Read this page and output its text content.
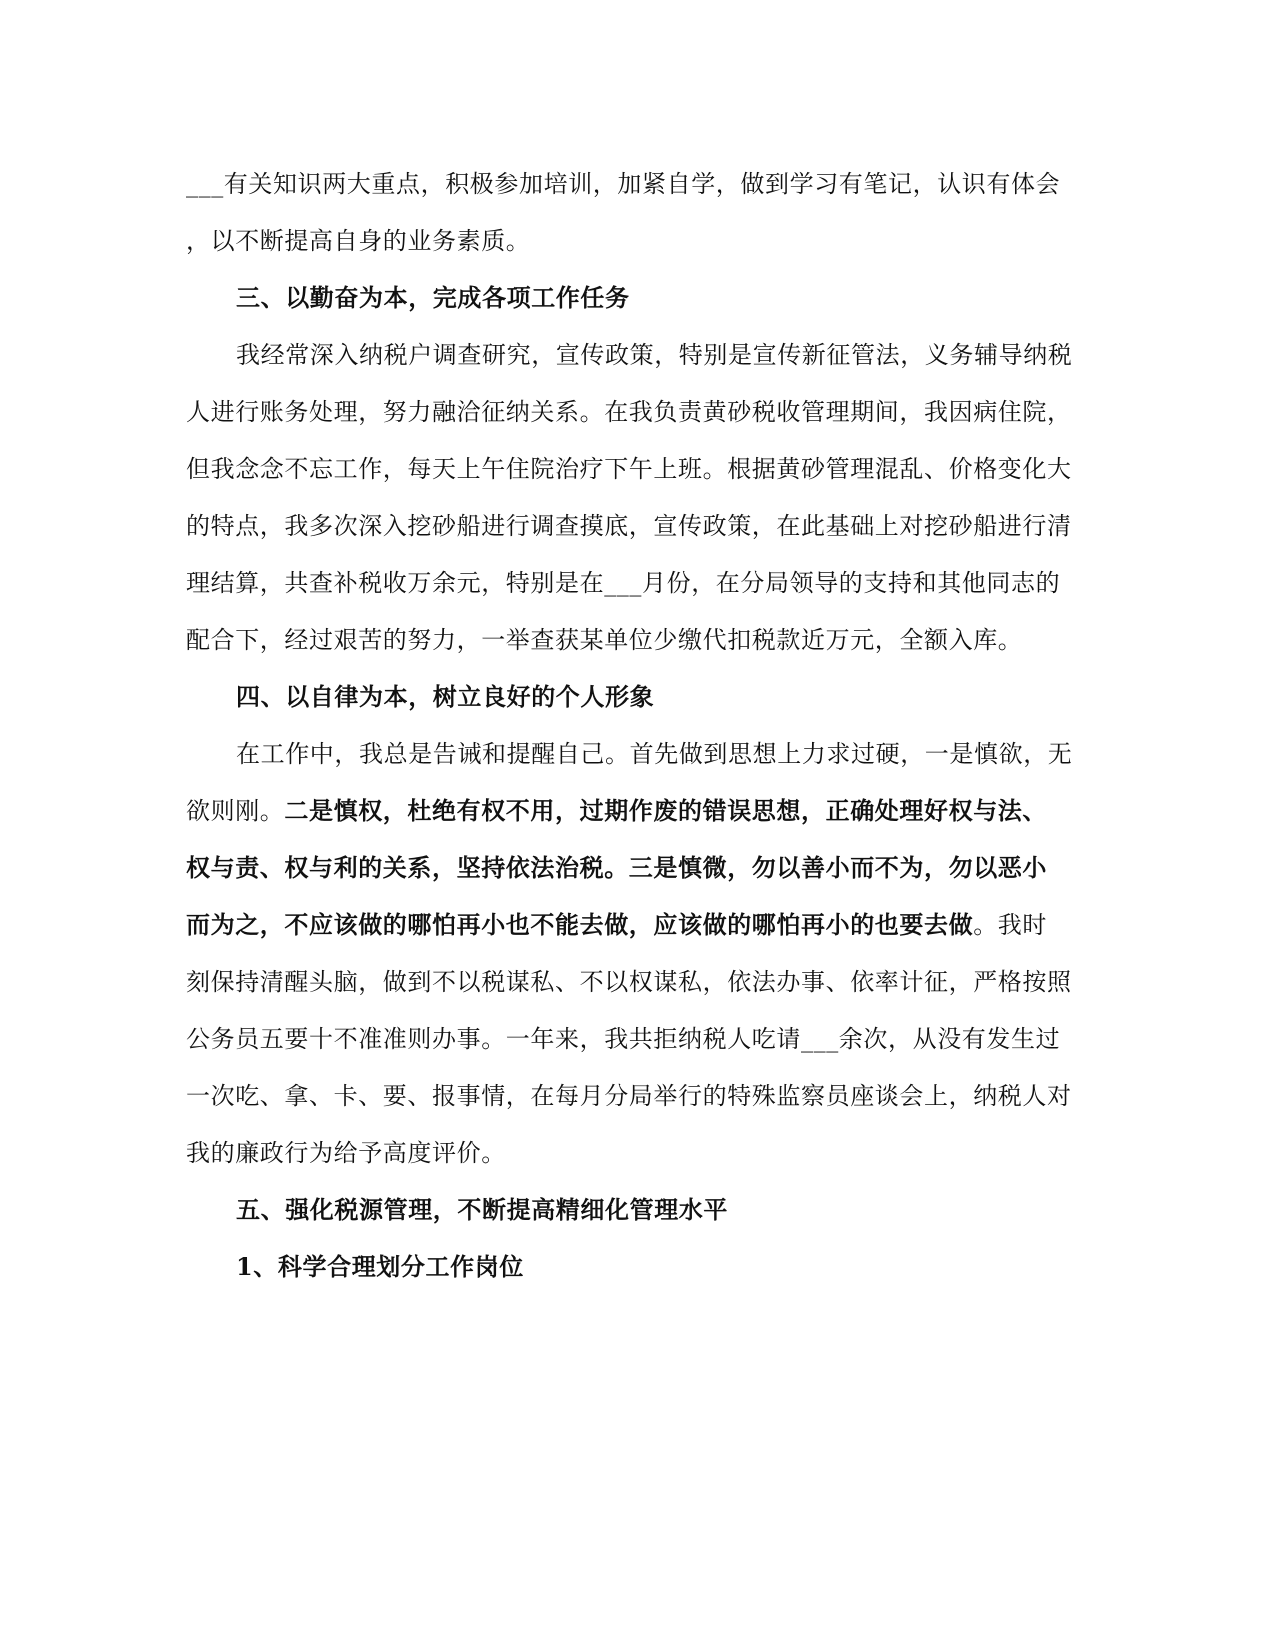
___有关知识两大重点，积极参加培训，加紧自学，做到学习有笔记，认识有体会
，以不断提高自身的业务素质。
三、以勤奋为本，完成各项工作任务
我经常深入纳税户调查研究，宣传政策，特别是宣传新征管法，义务辅导纳税
人进行账务处理，努力融洽征纳关系。在我负责黄砂税收管理期间，我因病住院，
但我念念不忘工作，每天上午住院治疗下午上班。根据黄砂管理混乱、价格变化大
的特点，我多次深入挖砂船进行调查摸底，宣传政策，在此基础上对挖砂船进行清
理结算，共查补税收万余元，特别是在___月份，在分局领导的支持和其他同志的
配合下，经过艰苦的努力，一举查获某单位少缴代扣税款近万元，全额入库。
四、以自律为本，树立良好的个人形象
在工作中，我总是告诫和提醒自己。首先做到思想上力求过硬，一是慎欲，无
欲则刚。二是慎权，杜绝有权不用，过期作废的错误思想，正确处理好权与法、
权与责、权与利的关系，坚持依法治税。三是慎微，勿以善小而不为，勿以恶小
而为之，不应该做的哪怕再小也不能去做，应该做的哪怕再小的也要去做。我时
刻保持清醒头脑，做到不以税谋私、不以权谋私，依法办事、依率计征，严格按照
公务员五要十不准准则办事。一年来，我共拒纳税人吃请___余次，从没有发生过
一次吃、拿、卡、要、报事情，在每月分局举行的特殊监察员座谈会上，纳税人对
我的廉政行为给予高度评价。
五、强化税源管理，不断提高精细化管理水平
1、科学合理划分工作岗位
